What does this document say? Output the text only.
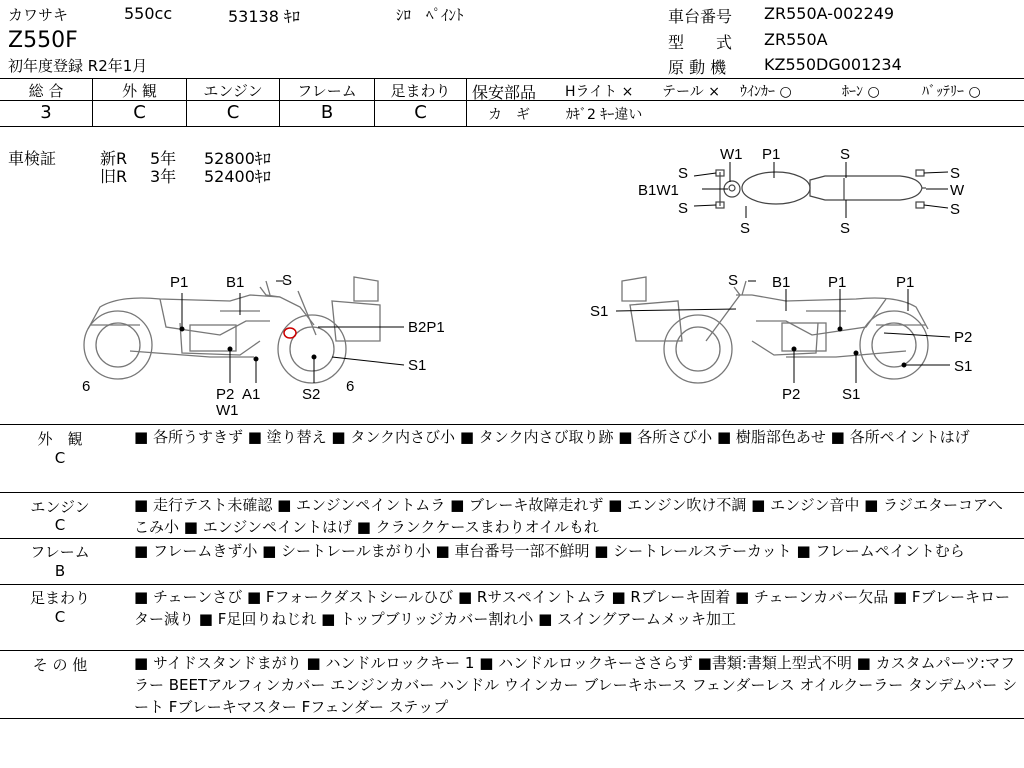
カワサキ	550cc	53138 ｷﾛ	ｼﾛ　ﾍﾟｲﾝﾄ
Z550F
初年度登録 R2年1月
車台番号 ZR550A-002249
型　　式 ZR550A
原 動 機 KZ550DG001234
総 合	外 観	エンジン	フレーム	足まわり
3	C	C	B	C
保安部品 Hライト × テール × ｳｲﾝｶｰ ○	ﾎｰﾝ ○	ﾊﾞｯﾃﾘｰ ○
カ　ギ	ｶｷﾞ2 ｷｰ違い
車検証	新R 5年 52800ｷﾛ
旧R 3年 52400ｷﾛ
W1 P1	S
S	S
B1W1	W
S	S
S	S
P1	B1	S
B2P1
S1
6	P2 A1
W1
S2 6
S B1	P1	P1
S1
P2
S1
P2	S1
外　観
C
■ 各所うすきず ■ 塗り替え ■ タンク内さび小 ■ タンク内さび取り跡 ■ 各所さび小 ■ 樹脂部色あせ ■ 各所ペイントはげ
エンジン
C
■ 走行テスト未確認 ■ エンジンペイントムラ ■ ブレーキ故障走れず ■ エンジン吹け不調 ■ エンジン音中 ■ ラジエターコアへこみ小 ■ エンジンペイントはげ ■ クランクケースまわりオイルもれ
フレーム
B
■ フレームきず小 ■ シートレールまがり小 ■ 車台番号一部不鮮明 ■ シートレールステーカット ■ フレームペイントむら
足まわり
C
■ チェーンさび ■ Fフォークダストシールひび ■ Rサスペイントムラ ■ Rブレーキ固着 ■ チェーンカバー欠品 ■ Fブレーキローター減り ■ F足回りねじれ ■ トップブリッジカバー割れ小 ■ スイングアームメッキ加工
そ の 他	■ サイドスタンドまがり ■ ハンドルロックキー 1 ■ ハンドルロックキーささらず ■書類:書類上型式不明 ■ カスタムパーツ:マフラー BEETアルフィンカバー エンジンカバー ハンドル ウインカー ブレーキホース フェンダーレス オイルクーラー タンデムバー シート Fブレーキマスター Fフェンダー ステップ
